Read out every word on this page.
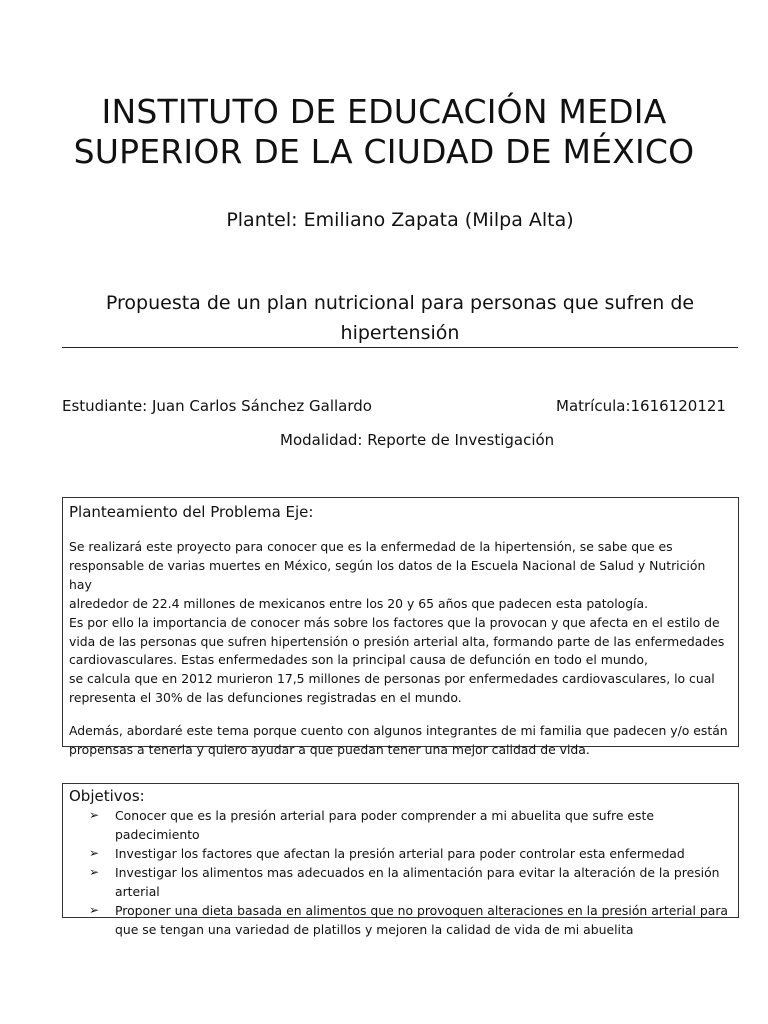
INSTITUTO DE EDUCACIÓN MEDIA
SUPERIOR DE LA CIUDAD DE MÉXICO
Plantel: Emiliano Zapata (Milpa Alta)
Propuesta de un plan nutricional para personas que sufren de
hipertensión
Estudiante: Juan Carlos Sánchez Gallardo	Matrícula:1616120121
Modalidad: Reporte de Investigación
Planteamiento del Problema Eje:

Se realizará este proyecto para conocer que es la enfermedad de la hipertensión, se sabe que es
responsable de varias muertes en México, según los datos de la Escuela Nacional de Salud y Nutrición hay
alrededor de 22.4 millones de mexicanos entre los 20 y 65 años que padecen esta patología.
Es por ello la importancia de conocer más sobre los factores que la provocan y que afecta en el estilo de
vida de las personas que sufren hipertensión o presión arterial alta, formando parte de las enfermedades
cardiovasculares. Estas enfermedades son la principal causa de defunción en todo el mundo,
se calcula que en 2012 murieron 17,5 millones de personas por enfermedades cardiovasculares, lo cual
representa el 30% de las defunciones registradas en el mundo.

Además, abordaré este tema porque cuento con algunos integrantes de mi familia que padecen y/o están
propensas a tenerla y quiero ayudar a que puedan tener una mejor calidad de vida.

Objetivos:
➢ Conocer que es la presión arterial para poder comprender a mi abuelita que sufre este padecimiento
➢ Investigar los factores que afectan la presión arterial para poder controlar esta enfermedad
➢ Investigar los alimentos mas adecuados en la alimentación para evitar la alteración de la presión
arterial
➢ Proponer una dieta basada en alimentos que no provoquen alteraciones en la presión arterial para
que se tengan una variedad de platillos y mejoren la calidad de vida de mi abuelita
